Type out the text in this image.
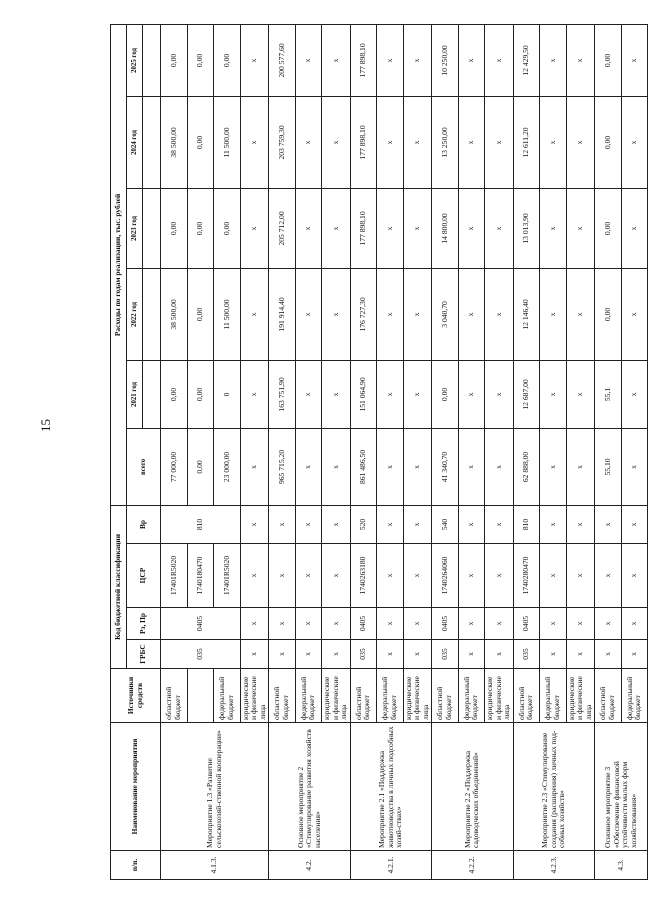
15
п/п.	Наименование мероприятия	Источники средств	Код бюджетной классификации				Расходы по годам реализации, тыс. рублей					
			ГРБС	Рз, Пр	ЦСР	Вр	всего	2021 год	2022 год	2023 год	2024 год	2025 год

4.1.3.	Мероприятие 1.3 «Развитие сельскохозяй-ственной кооперации»	областной бюджет	035	0405	17401R5020	810	77 000,00	0,00	38 500,00	0,00	38 500,00	0,00
					1740180470		0,00	0,00	0,00	0,00	0,00	0,00
		федеральный бюджет			17401R5020		23 000,00	0	11 500,00	0,00	11 500,00	0,00
		юридические и физические лица	х	х	х	х	х	х	х	х	х	х
4.2.	Основное мероприятие 2 «Стимулирование развития хозяйств населения»	областной бюджет	х	х	х	х	965 715,20	163 751,90	191 914,40	205 712,00	203 759,30	200 577,60
		федеральный бюджет	х	х	х	х	х	х	х	х	х	х
		юридические и физические лица	х	х	х	х	х	х	х	х	х	х
4.2.1.	Мероприятие 2.1 «Поддержка животноводства в личных подсобных хозяй-ствах»	областной бюджет	035	0405	1740263180	520	861 486,50	151 064,90	176 727,30	177 898,10	177 898,10	177 898,10
		федеральный бюджет	х	х	х	х	х	х	х	х	х	х
		юридические и физические лица	х	х	х	х	х	х	х	х	х	х
4.2.2.	Мероприятие 2.2 «Поддержка садоводческих объединений»	областной бюджет	035	0405	1740264060	540	41 340,70	0,00	3 040,70	14 800,00	13 250,00	10 250,00
		федеральный бюджет	х	х	х	х	х	х	х	х	х	х
		юридические и физические лица	х	х	х	х	х	х	х	х	х	х
4.2.3.	Мероприятие 2.3 «Стимулирование создания (расширения) личных под-собных хозяйств»	областной бюджет	035	0405	1740280470	810	62 888,00	12 687,00	12 146,40	13 013,90	12 611,20	12 429,50
		федеральный бюджет	х	х	х	х	х	х	х	х	х	х
		юридические и физические лица	х	х	х	х	х	х	х	х	х	х
4.3.	Основное мероприятие 3 «Обеспечение финансовой устойчивости малых форм хозяйствования»	областной бюджет	х	х	х	х	55,10	55,1	0,00	0,00	0,00	0,00
		федеральный бюджет	х	х	х	х	х	х	х	х	х	х
